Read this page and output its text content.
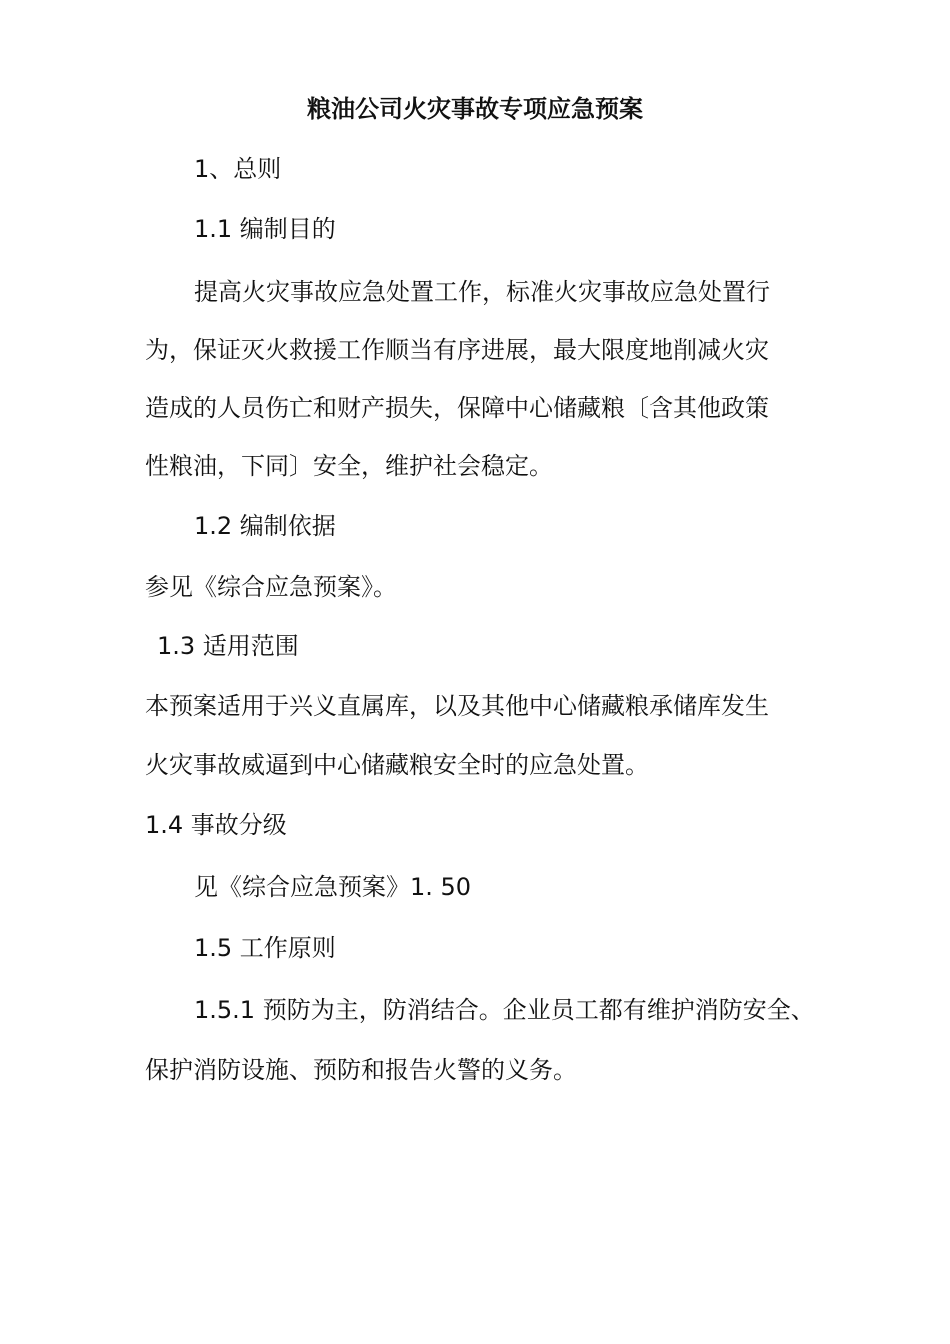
粮油公司火灾事故专项应急预案
1、总则
1.1 编制目的
提高火灾事故应急处置工作，标准火灾事故应急处置行
为，保证灭火救援工作顺当有序进展，最大限度地削减火灾
造成的人员伤亡和财产损失，保障中心储藏粮〔含其他政策
性粮油，下同〕安全，维护社会稳定。
1.2 编制依据
参见《综合应急预案》。
1.3 适用范围
本预案适用于兴义直属库，以及其他中心储藏粮承储库发生
火灾事故威逼到中心储藏粮安全时的应急处置。
1.4 事故分级
见《综合应急预案》1. 50
1.5 工作原则
1.5.1 预防为主，防消结合。企业员工都有维护消防安全、
保护消防设施、预防和报告火警的义务。
